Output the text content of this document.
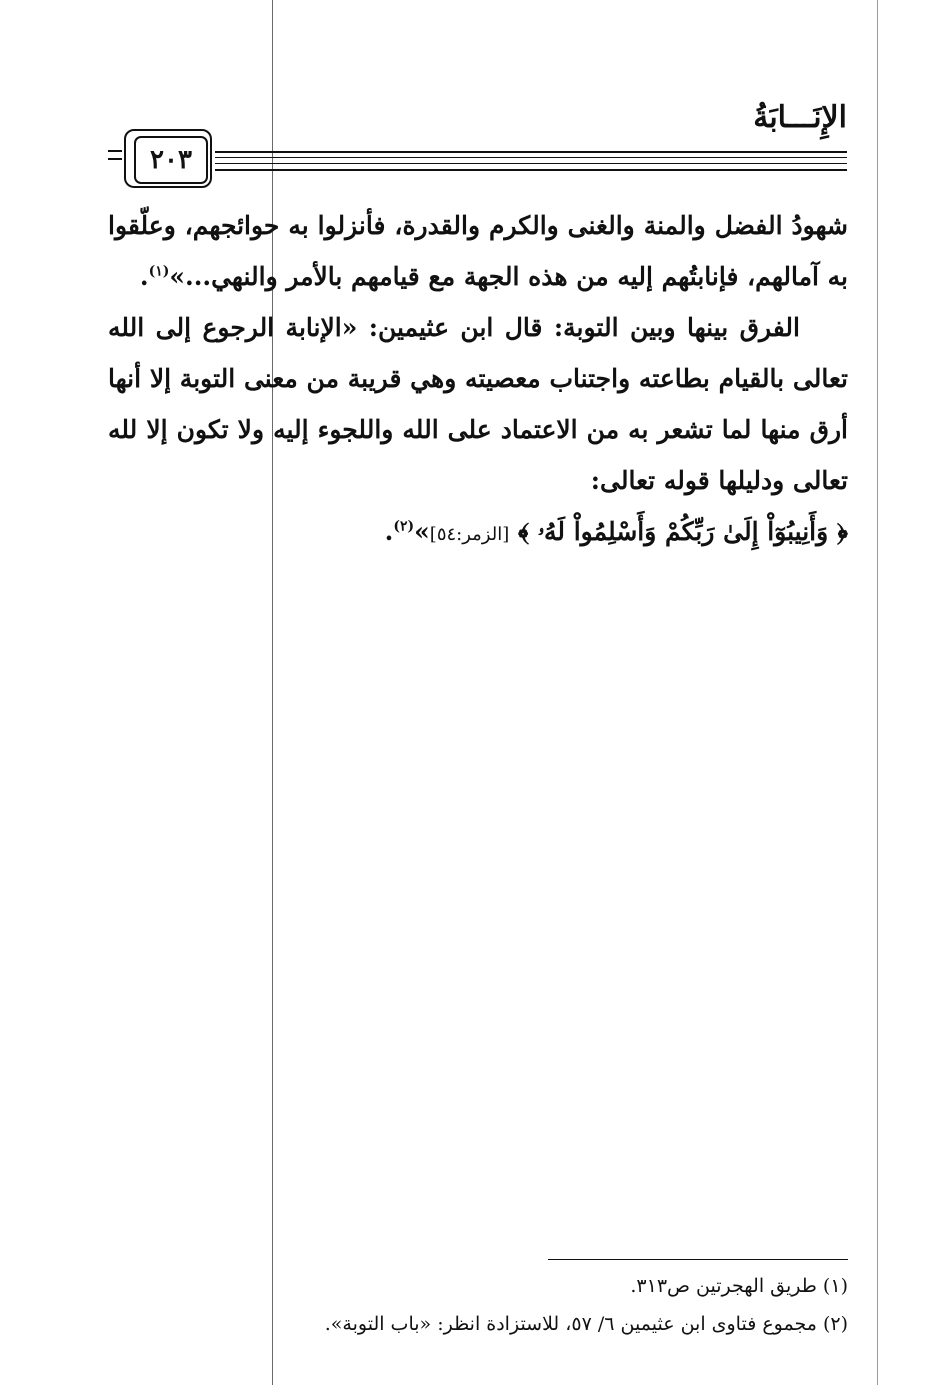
الإِنَـــابَةُ
٢٠٣

شهودُ الفضل والمنة والغنى والكرم والقدرة، فأنزلوا به حوائجهم، وعلّقوا به آمالهم، فإنابتُهم إليه من هذه الجهة مع قيامهم بالأمر والنهي...»$^{(١)}$.

الفرق بينها وبين التوبة: قال ابن عثيمين: «الإنابة الرجوع إلى الله تعالى بالقيام بطاعته واجتناب معصيته وهي قريبة من معنى التوبة إلا أنها أرق منها لما تشعر به من الاعتماد على الله واللجوء إليه ولا تكون إلا لله تعالى ودليلها قوله تعالى:

﴿ وَأَنِيبُوٓاْ إِلَىٰ رَبِّكُمْ وَأَسْلِمُواْ لَهُۥ ﴾ [الزمر:٥٤]»$^{(٢)}$.

(١) طريق الهجرتين ص٣١٣.

(٢) مجموع فتاوى ابن عثيمين ٦/ ٥٧، للاستزادة انظر: «باب التوبة».
